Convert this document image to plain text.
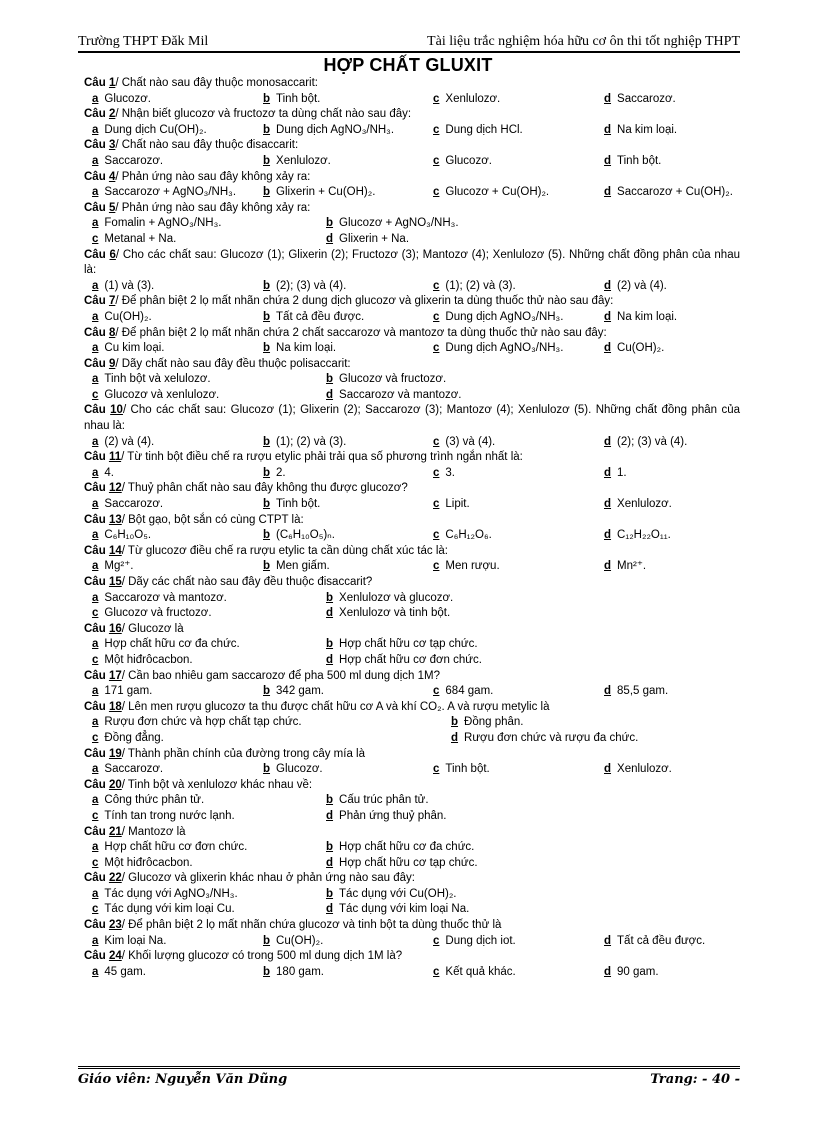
Trường THPT Đăk Mil	Tài liệu trắc nghiệm hóa hữu cơ ôn thi tốt nghiệp THPT
HỢP CHẤT GLUXIT
Câu 1/ Chất nào sau đây thuộc monosaccarit:
a Glucozơ.	b Tinh bột.	c Xenlulozơ.	d Saccarozơ.
Câu 2/ Nhận biết glucozơ và fructozơ ta dùng chất nào sau đây:
a Dung dịch Cu(OH)₂.	b Dung dịch AgNO₃/NH₃.	c Dung dịch HCl.	d Na kim loại.
Câu 3/ Chất nào sau đây thuộc đisaccarit:
a Saccarozơ.	b Xenlulozơ.	c Glucozơ.	d Tinh bột.
Câu 4/ Phản ứng nào sau đây không xảy ra:
a Saccarozơ + AgNO₃/NH₃. b Glixerin + Cu(OH)₂.	c Glucozơ + Cu(OH)₂.	d Saccarozơ + Cu(OH)₂.
Câu 5/ Phản ứng nào sau đây không xảy ra:
a Fomalin + AgNO₃/NH₃.	b Glucozơ + AgNO₃/NH₃.
c Metanal + Na.	d Glixerin + Na.
Câu 6/ Cho các chất sau: Glucozơ (1); Glixerin (2); Fructozơ (3); Mantozơ (4); Xenlulozơ (5). Những chất đồng phân của nhau là:
a (1) và (3).	b (2); (3) và (4).	c (1); (2) và (3).	d (2) và (4).
Câu 7/ Để phân biệt 2 lọ mất nhãn chứa 2 dung dịch glucozơ và glixerin ta dùng thuốc thử nào sau đây:
a Cu(OH)₂.	b Tất cả đều được.	c Dung dịch AgNO₃/NH₃.	d Na kim loại.
Câu 8/ Để phân biệt 2 lọ mất nhãn chứa 2 chất saccarozơ và mantozơ ta dùng thuốc thử nào sau đây:
a Cu kim loại.	b Na kim loại.	c Dung dịch AgNO₃/NH₃.	d Cu(OH)₂.
Câu 9/ Dãy chất nào sau đây đều thuộc polisaccarit:
a Tinh bột và xelulozơ.	b Glucozơ và fructozơ.
c Glucozơ và xenlulozơ.	d Saccarozơ và mantozơ.
Câu 10/ Cho các chất sau: Glucozơ (1); Glixerin (2); Saccarozơ (3); Mantozơ (4); Xenlulozơ (5). Những chất đồng phân của nhau là:
a (2) và (4).	b (1); (2) và (3).	c (3) và (4).	d (2); (3) và (4).
Câu 11/ Từ tinh bột điều chế ra rượu etylic phải trải qua số phương trình ngắn nhất là:
a 4.	b 2.	c 3.	d 1.
Câu 12/ Thuỷ phân chất nào sau đây không thu được glucozơ?
a Saccarozơ.	b Tinh bột.	c Lipit.	d Xenlulozơ.
Câu 13/ Bột gạo, bột sắn có cùng CTPT là:
a C₆H₁₀O₅.	b (C₆H₁₀O₅)ₙ.	c C₆H₁₂O₆.	d C₁₂H₂₂O₁₁.
Câu 14/ Từ glucozơ điều chế ra rượu etylic ta cần dùng chất xúc tác là:
a Mg²⁺.	b Men giấm.	c Men rượu.	d Mn²⁺.
Câu 15/ Dãy các chất nào sau đây đều thuộc đisaccarit?
a Saccarozơ và mantozơ.	b Xenlulozơ và glucozơ.
c Glucozơ và fructozơ.	d Xenlulozơ và tinh bột.
Câu 16/ Glucozơ là
a Hợp chất hữu cơ đa chức.	b Hợp chất hữu cơ tạp chức.
c Một hiđrôcacbon.	d Hợp chất hữu cơ đơn chức.
Câu 17/ Cần bao nhiêu gam saccarozơ để pha 500 ml dung dịch 1M?
a 171 gam.	b 342 gam.	c 684 gam.	d 85,5 gam.
Câu 18/ Lên men rượu glucozơ ta thu được chất hữu cơ A và khí CO₂. A và rượu metylic là
a Rượu đơn chức và hợp chất tạp chức.	b Đồng phân.
c Đồng đẳng.	d Rượu đơn chức và rượu đa chức.
Câu 19/ Thành phần chính của đường trong cây mía là
a Saccarozơ.	b Glucozơ.	c Tinh bột.	d Xenlulozơ.
Câu 20/ Tinh bột và xenlulozơ khác nhau về:
a Công thức phân tử.	b Cấu trúc phân tử.
c Tính tan trong nước lạnh.	d Phản ứng thuỷ phân.
Câu 21/ Mantozơ là
a Hợp chất hữu cơ đơn chức.	b Hợp chất hữu cơ đa chức.
c Một hiđrôcacbon.	d Hợp chất hữu cơ tạp chức.
Câu 22/ Glucozơ và glixerin khác nhau ở phản ứng nào sau đây:
a Tác dụng với AgNO₃/NH₃.	b Tác dụng với Cu(OH)₂.
c Tác dụng với kim loại Cu.	d Tác dụng với kim loại Na.
Câu 23/ Để phân biệt 2 lọ mất nhãn chứa glucozơ và tinh bột ta dùng thuốc thử là
a Kim loại Na.	b Cu(OH)₂.	c Dung dịch iot.	d Tất cả đều được.
Câu 24/ Khối lượng glucozơ có trong 500 ml dung dịch 1M là?
a 45 gam.	b 180 gam.	c Kết quả khác.	d 90 gam.
Giáo viên: Nguyễn Văn Dũng	Trang: - 40 -
